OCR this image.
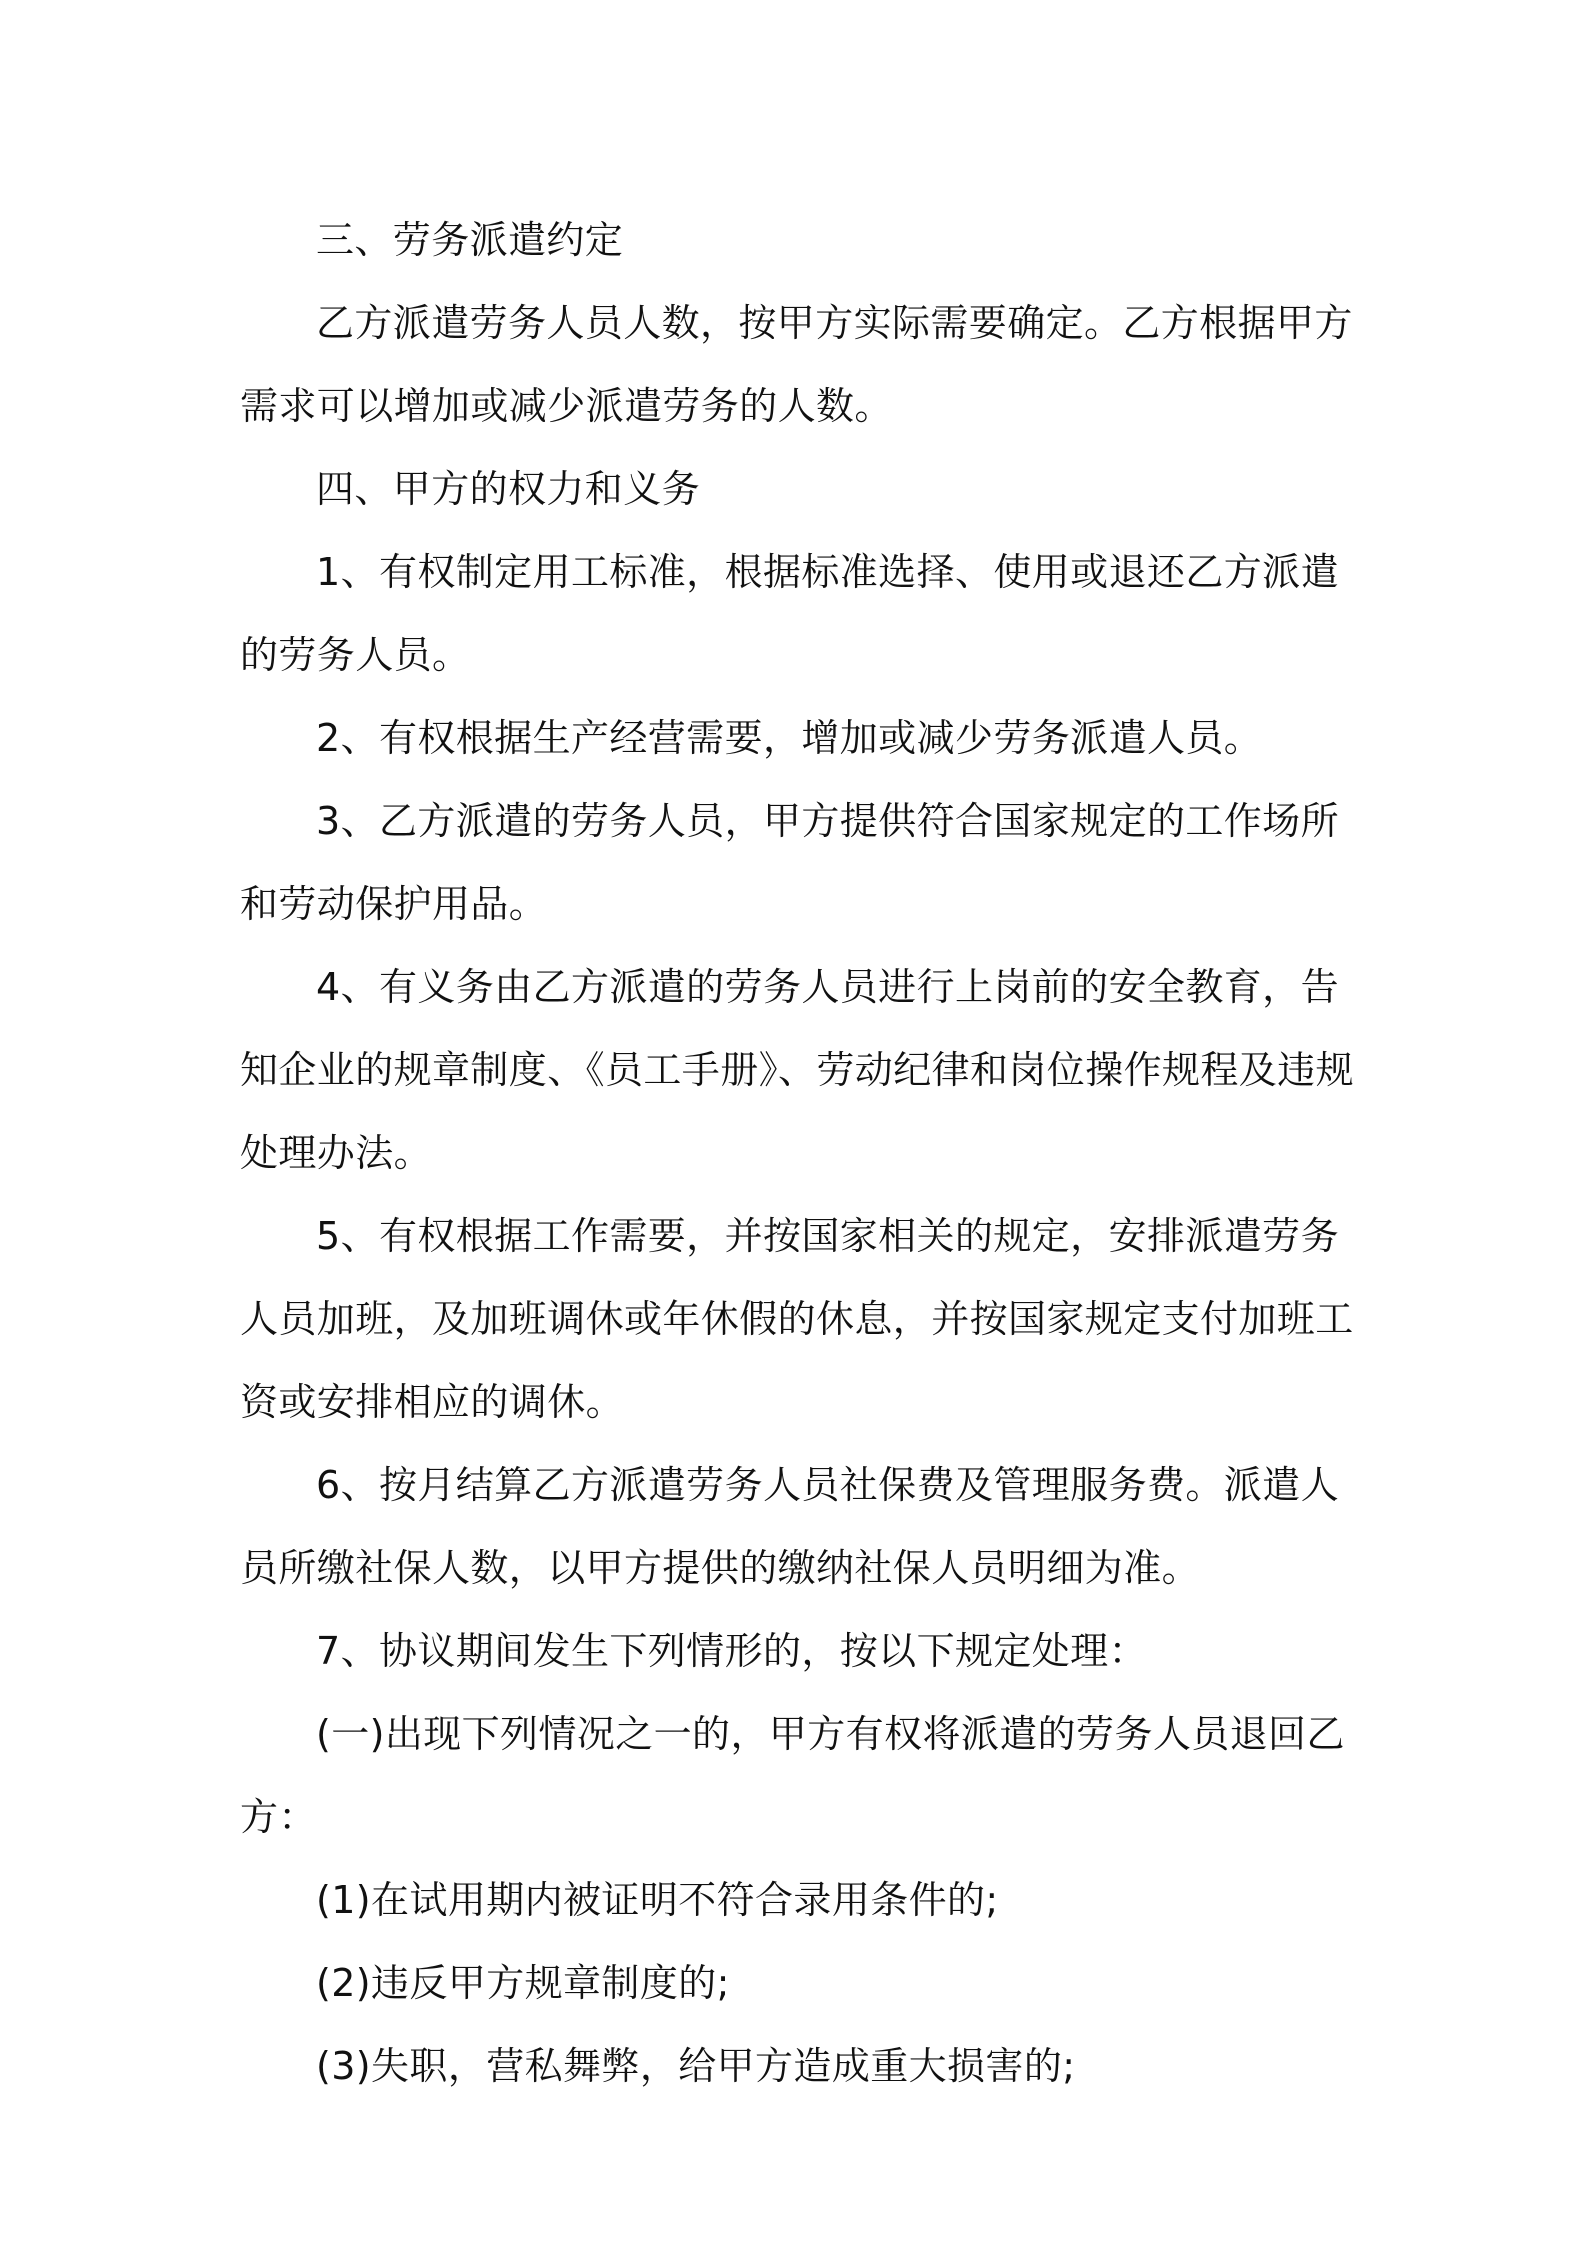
三、劳务派遣约定

乙方派遣劳务人员人数，按甲方实际需要确定。乙方根据甲方需求可以增加或减少派遣劳务的人数。

四、甲方的权力和义务

1、有权制定用工标准，根据标准选择、使用或退还乙方派遣的劳务人员。

2、有权根据生产经营需要，增加或减少劳务派遣人员。

3、乙方派遣的劳务人员，甲方提供符合国家规定的工作场所和劳动保护用品。

4、有义务由乙方派遣的劳务人员进行上岗前的安全教育，告知企业的规章制度、《员工手册》、劳动纪律和岗位操作规程及违规处理办法。

5、有权根据工作需要，并按国家相关的规定，安排派遣劳务人员加班，及加班调休或年休假的休息，并按国家规定支付加班工资或安排相应的调休。

6、按月结算乙方派遣劳务人员社保费及管理服务费。派遣人员所缴社保人数，以甲方提供的缴纳社保人员明细为准。

7、协议期间发生下列情形的，按以下规定处理：

(一)出现下列情况之一的，甲方有权将派遣的劳务人员退回乙方：

(1)在试用期内被证明不符合录用条件的;

(2)违反甲方规章制度的;

(3)失职，营私舞弊，给甲方造成重大损害的;
